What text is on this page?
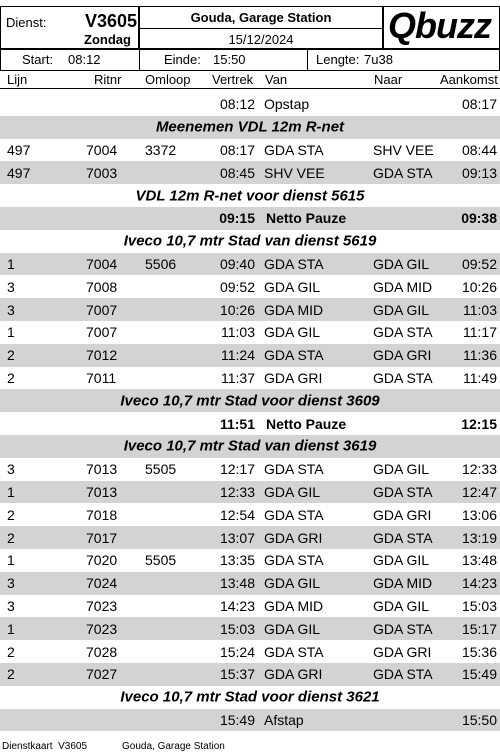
Dienst: V3605
Zondag
Gouda, Garage Station
15/12/2024	Qbuzz
Start: 08:12	Einde: 15:50	Lengte: 7u38
Lijn	Ritnr Omloop Vertrek Van	Naar	Aankomst
08:12 Opstap	08:17
Meenemen VDL 12m R-net
497	7004 3372	08:17 GDA STA	SHV VEE 08:44
497	7003	08:45 SHV VEE	GDA STA 09:13
VDL 12m R-net voor dienst 5615
09:15 Netto Pauze	09:38
Iveco 10,7 mtr Stad van dienst 5619
1	7004 5506	09:40 GDA STA	GDA GIL 09:52
3	7008	09:52 GDA GIL	GDA MID 10:26
3	7007	10:26 GDA MID	GDA GIL 11:03
1	7007	11:03 GDA GIL	GDA STA 11:17
2	7012	11:24 GDA STA	GDA GRI 11:36
2	7011	11:37 GDA GRI	GDA STA 11:49
Iveco 10,7 mtr Stad voor dienst 3609
11:51 Netto Pauze	12:15
Iveco 10,7 mtr Stad van dienst 3619
3	7013 5505	12:17 GDA STA	GDA GIL 12:33
1	7013	12:33 GDA GIL	GDA STA 12:47
2	7018	12:54 GDA STA	GDA GRI 13:06
2	7017	13:07 GDA GRI	GDA STA 13:19
1	7020 5505	13:35 GDA STA	GDA GIL 13:48
3	7024	13:48 GDA GIL	GDA MID 14:23
3	7023	14:23 GDA MID	GDA GIL 15:03
1	7023	15:03 GDA GIL	GDA STA 15:17
2	7028	15:24 GDA STA	GDA GRI 15:36
2	7027	15:37 GDA GRI	GDA STA 15:49
Iveco 10,7 mtr Stad voor dienst 3621
15:49 Afstap	15:50
Dienstkaart  V3605	Gouda, Garage Station
